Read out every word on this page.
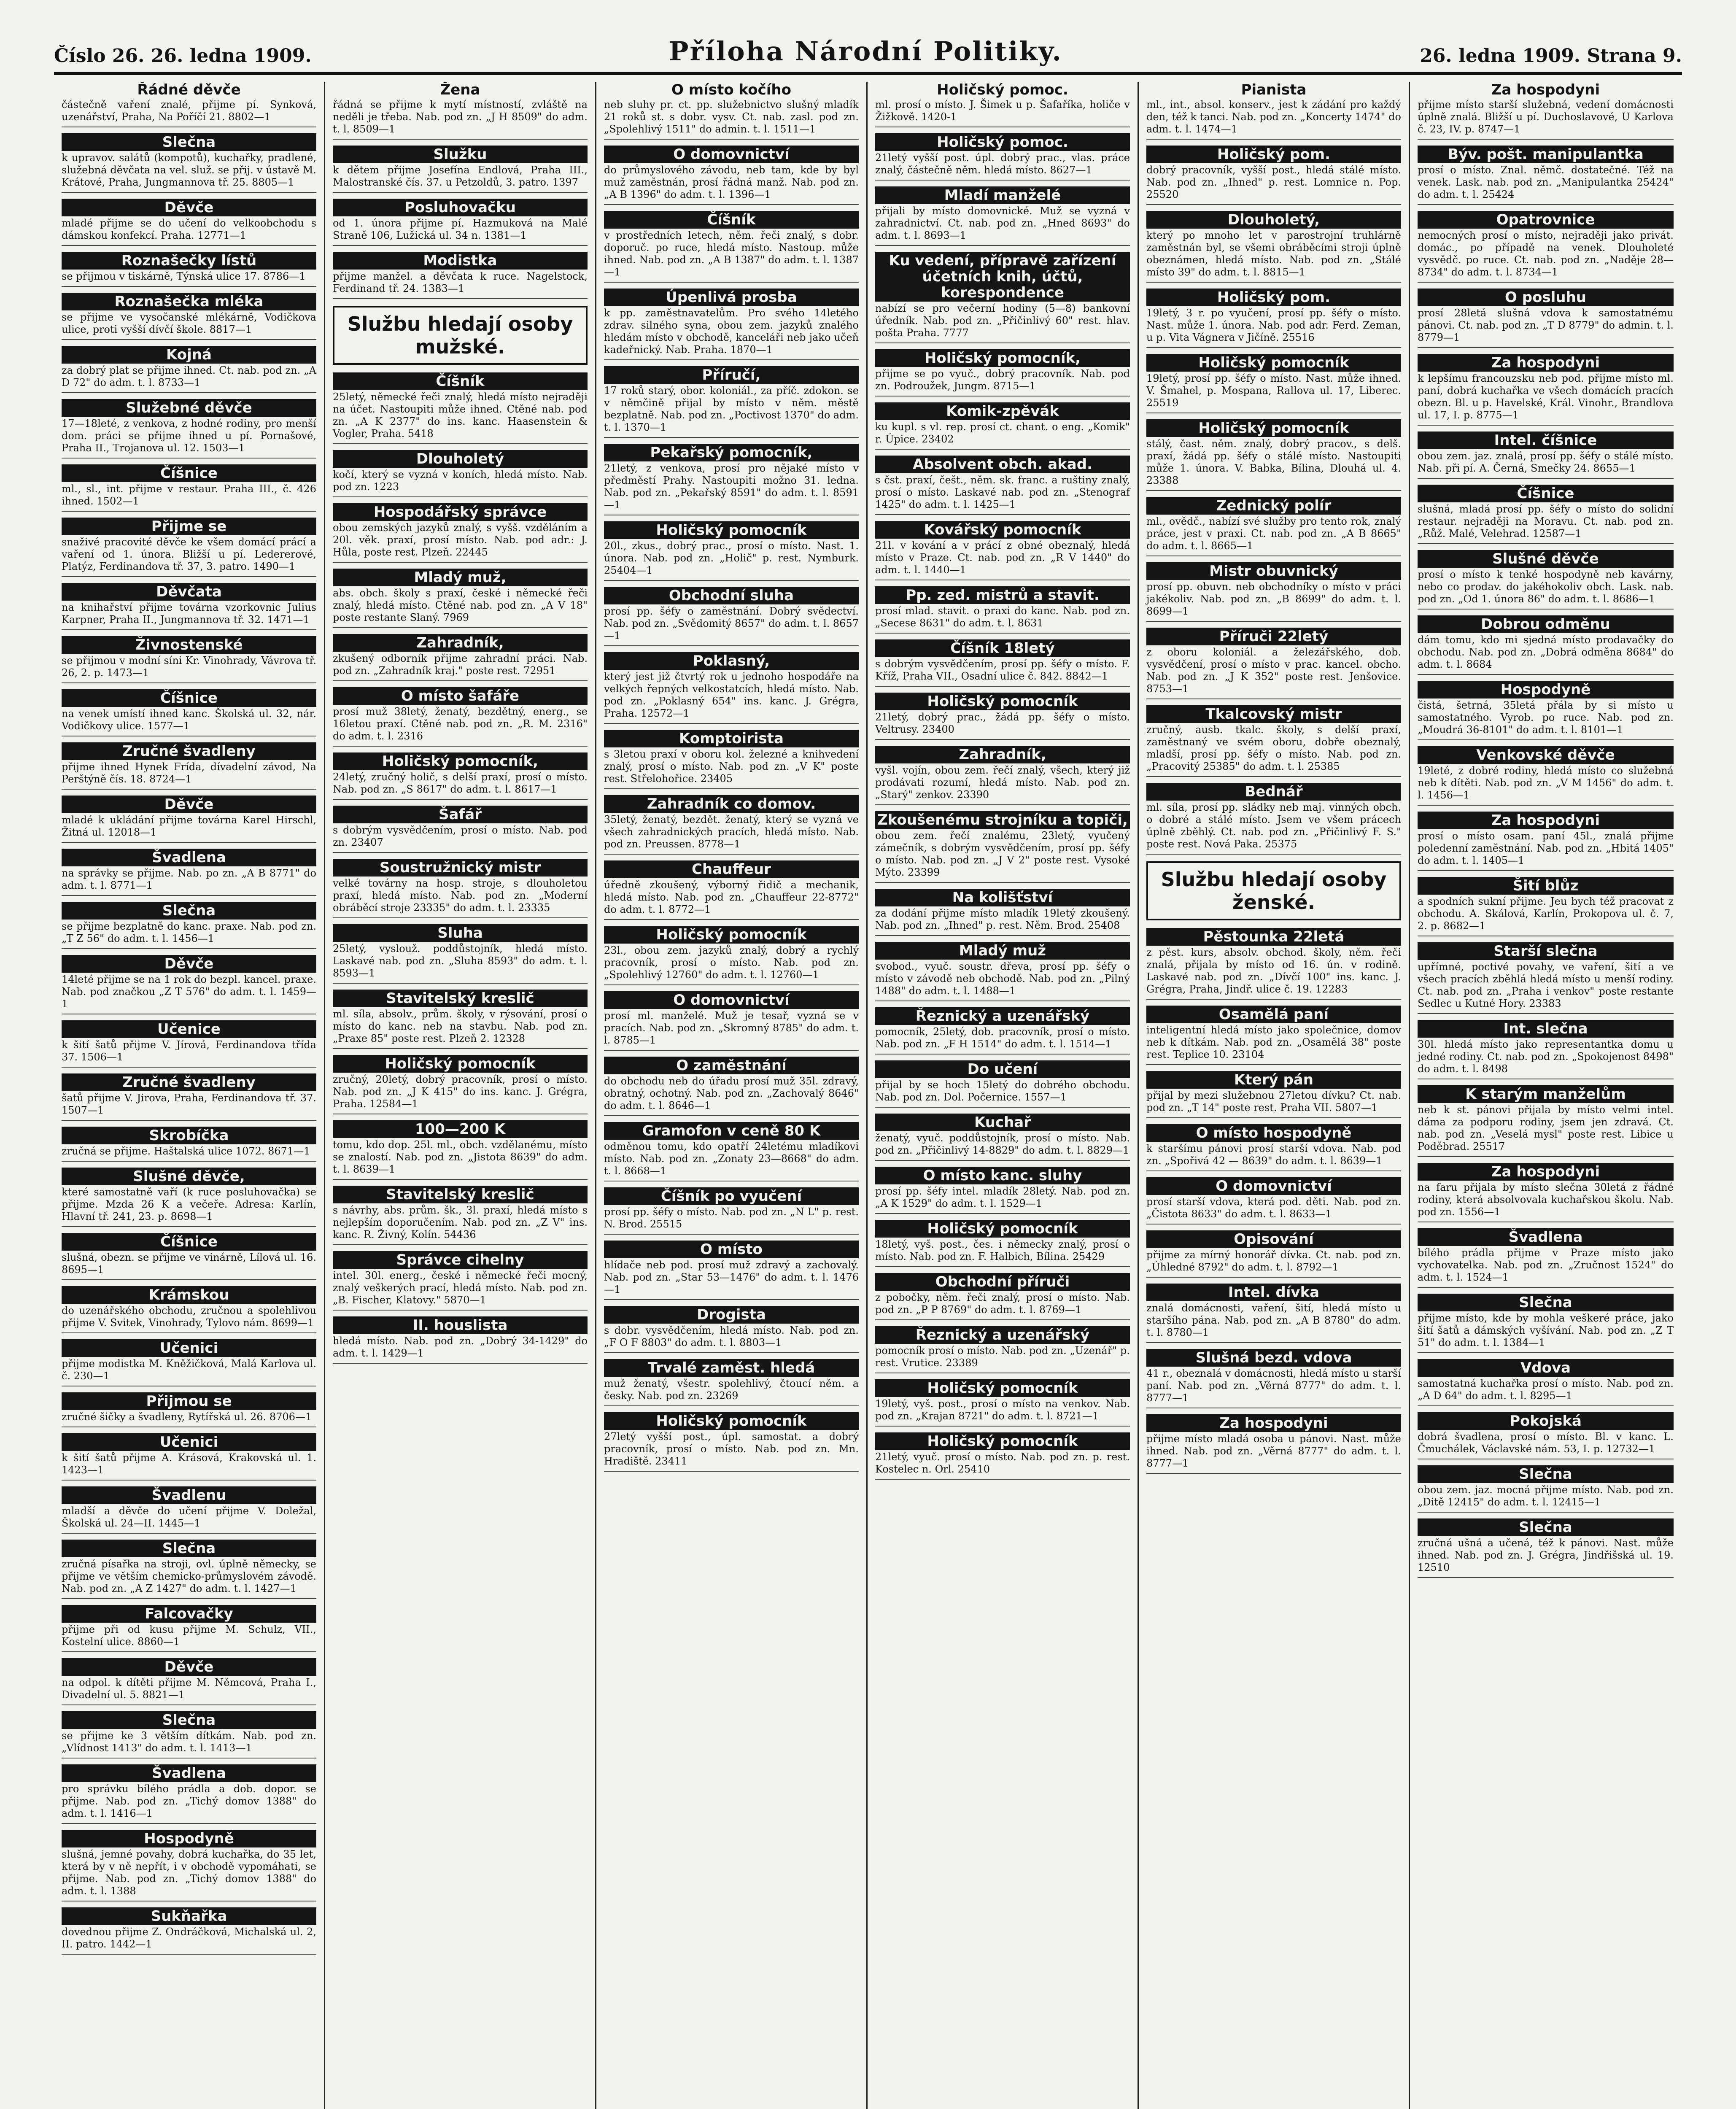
Číslo 26. 26. ledna 1909.	Příloha Národní Politiky.	26. ledna 1909. Strana 9.
Řádné děvče
částečně vaření znalé, přijme pí. Synková, uzenářství, Praha, Na Poříčí 21. 8802—1
Slečna
k upravov. salátů (kompotů), kuchařky, pradlené, služebná děvčata na vel. služ. se přij. v ústavě M. Krátové, Praha, Jungmannova tř. 25. 8805—1
Děvče
mladé přijme se do učení do velkoobchodu s dámskou konfekcí. Praha. 12771—1
Roznašečky lístů
se přijmou v tiskárně, Týnská ulice 17. 8786—1
Roznašečka mléka
se přijme ve vysočanské mlékárně, Vodičkova ulice, proti vyšší dívčí škole. 8817—1
Kojná
za dobrý plat se přijme ihned. Ct. nab. pod zn. „A D 72" do adm. t. l. 8733—1
Služebné děvče
17—18leté, z venkova, z hodné rodiny, pro menší dom. práci se přijme ihned u pí. Pornašové, Praha II., Trojanova ul. 12. 1503—1
Číšnice
ml., sl., int. přijme v restaur. Praha III., č. 426 ihned. 1502—1
Přijme se
snaživé pracovité děvče ke všem domácí prácí a vaření od 1. února. Bližší u pí. Ledererové, Platýz, Ferdinandova tř. 37, 3. patro. 1490—1
Děvčata
na knihařství přijme továrna vzorkovnic Julius Karpner, Praha II., Jungmannova tř. 32. 1471—1
Živnostenské
se přijmou v modní síni Kr. Vinohrady, Vávrova tř. 26, 2. p. 1473—1
Číšnice
na venek umístí ihned kanc. Školská ul. 32, nár. Vodičkovy ulice. 1577—1
Zručné švadleny
přijme ihned Hynek Frída, dívadelní závod, Na Perštýně čís. 18. 8724—1
Děvče
mladé k ukládání přijme továrna Karel Hirschl, Žitná ul. 12018—1
Švadlena
na správky se přijme. Nab. po zn. „A B 8771" do adm. t. l. 8771—1
Slečna
se přijme bezplatně do kanc. praxe. Nab. pod zn. „T Z 56" do adm. t. l. 1456—1
Děvče
14leté přijme se na 1 rok do bezpl. kancel. praxe. Nab. pod značkou „Z T 576" do adm. t. l. 1459—1
Učenice
k šití šatů přijme V. Jírová, Ferdinandova třída 37. 1506—1
Zručné švadleny
šatů přijme V. Jirova, Praha, Ferdinandova tř. 37. 1507—1
Skrobíčka
zručná se přijme. Haštalská ulice 1072. 8671—1
Slušné děvče,
které samostatně vaří (k ruce posluhovačka) se přijme. Mzda 26 K a večeře. Adresa: Karlín, Hlavní tř. 241, 23. p. 8698—1
Číšnice
slušná, obezn. se přijme ve vinárně, Lílová ul. 16. 8695—1
Krámskou
do uzenářského obchodu, zručnou a spolehlivou přijme V. Svitek, Vinohrady, Tylovo nám. 8699—1
Učenici
přijme modistka M. Kněžičková, Malá Karlova ul. č. 230—1
Přijmou se
zručné šičky a švadleny, Rytířská ul. 26. 8706—1
Učenici
k šití šatů přijme A. Krásová, Krakovská ul. 1. 1423—1
Švadlenu
mladší a děvče do učení přijme V. Doležal, Školská ul. 24—II. 1445—1
Slečna
zručná písařka na stroji, ovl. úplně německy, se přijme ve větším chemicko-průmyslovém závodě. Nab. pod zn. „A Z 1427" do adm. t. l. 1427—1
Falcovačky
přijme při od kusu přijme M. Schulz, VII., Kostelní ulice. 8860—1
Děvče
na odpol. k dítěti přijme M. Němcová, Praha I., Divadelní ul. 5. 8821—1
Slečna
se přijme ke 3 větším dítkám. Nab. pod zn. „Vlídnost 1413" do adm. t. l. 1413—1
Švadlena
pro správku bílého prádla a dob. dopor. se přijme. Nab. pod zn. „Tichý domov 1388" do adm. t. l. 1416—1
Hospodyně
slušná, jemné povahy, dobrá kuchařka, do 35 let, která by v ně nepřít, i v obchodě vypomáhati, se přijme. Nab. pod zn. „Tichý domov 1388" do adm. t. l. 1388
Sukňařka
dovednou přijme Z. Ondráčková, Michalská ul. 2, II. patro. 1442—1
Žena
řádná se přijme k mytí místností, zvláště na neděli je třeba. Nab. pod zn. „J H 8509" do adm. t. l. 8509—1
Služku
k dětem přijme Josefína Endlová, Praha III., Malostranské čís. 37. u Petzoldů, 3. patro. 1397
Posluhovačku
od 1. února přijme pí. Hazmuková na Malé Straně 106, Lužická ul. 34 n. 1381—1
Modistka
přijme manžel. a děvčata k ruce. Nagelstock, Ferdinand tř. 24. 1383—1
Službu hledají osoby mužské.
Číšník
25letý, německé řeči znalý, hledá místo nejraději na účet. Nastoupiti může ihned. Ctěné nab. pod zn. „A K 2377" do ins. kanc. Haasenstein & Vogler, Praha. 5418
Dlouholetý
kočí, který se vyzná v koních, hledá místo. Nab. pod zn. 1223
Hospodářský správce
obou zemských jazyků znalý, s vyšš. vzděláním a 20l. věk. praxí, prosí místo. Nab. pod adr.: J. Hůla, poste rest. Plzeň. 22445
Mladý muž,
abs. obch. školy s praxí, české i německé řeči znalý, hledá místo. Ctěné nab. pod zn. „A V 18" poste restante Slaný. 7969
Zahradník,
zkušený odborník přijme zahradní práci. Nab. pod zn. „Zahradník kraj." poste rest. 72951
O místo šafáře
prosí muž 38letý, ženatý, bezdětný, energ., se 16letou praxí. Ctěné nab. pod zn. „R. M. 2316" do adm. t. l. 2316
Holičský pomocník,
24letý, zručný holič, s delší praxí, prosí o místo. Nab. pod zn. „S 8617" do adm. t. l. 8617—1
Šafář
s dobrým vysvědčením, prosí o místo. Nab. pod zn. 23407
Soustružnický mistr
velké továrny na hosp. stroje, s dlouholetou praxí, hledá místo. Nab. pod zn. „Moderní obráběcí stroje 23335" do adm. t. l. 23335
Sluha
25letý, vyslouž. poddůstojník, hledá místo. Laskavé nab. pod zn. „Sluha 8593" do adm. t. l. 8593—1
Stavitelský kreslič
ml. síla, absolv., prům. školy, v rýsování, prosí o místo do kanc. neb na stavbu. Nab. pod zn. „Praxe 85" poste rest. Plzeň 2. 12328
Holičský pomocník
zručný, 20letý, dobrý pracovník, prosí o místo. Nab. pod zn. „J K 415" do ins. kanc. J. Grégra, Praha. 12584—1
100—200 K
tomu, kdo dop. 25l. ml., obch. vzdělanému, místo se znalostí. Nab. pod zn. „Jistota 8639" do adm. t. l. 8639—1
Stavitelský kreslič
s návrhy, abs. prům. šk., 3l. praxí, hledá místo s nejlepším doporučením. Nab. pod zn. „Z V" ins. kanc. R. Živný, Kolín. 54436
Správce cihelny
intel. 30l. energ., české i německé řeči mocný, znalý veškerých prací, hledá místo. Nab. pod zn. „B. Fischer, Klatovy." 5870—1
II. houslista
hledá místo. Nab. pod zn. „Dobrý 34-1429" do adm. t. l. 1429—1
O místo kočího
neb sluhy pr. ct. pp. služebnictvo slušný mladík 21 roků st. s dobr. vysv. Ct. nab. zasl. pod zn. „Spolehlivý 1511" do admin. t. l. 1511—1
O domovnictví
do průmyslového závodu, neb tam, kde by byl muž zaměstnán, prosí řádná manž. Nab. pod zn. „A B 1396" do adm. t. l. 1396—1
Číšník
v prostředních letech, něm. řeči znalý, s dobr. doporuč. po ruce, hledá místo. Nastoup. může ihned. Nab. pod zn. „A B 1387" do adm. t. l. 1387—1
Úpenlivá prosba
k pp. zaměstnavatelům. Pro svého 14letého zdrav. silného syna, obou zem. jazyků znalého hledám místo v obchodě, kanceláři neb jako učeň kadeřnický. Nab. Praha. 1870—1
Příručí,
17 roků starý, obor. koloniál., za příč. zdokon. se v němčině přijal by místo v něm. městě bezplatně. Nab. pod zn. „Poctivost 1370" do adm. t. l. 1370—1
Pekařský pomocník,
21letý, z venkova, prosí pro nějaké místo v předměstí Prahy. Nastoupiti možno 31. ledna. Nab. pod zn. „Pekařský 8591" do adm. t. l. 8591—1
Holičský pomocník
20l., zkus., dobrý prac., prosí o místo. Nast. 1. února. Nab. pod zn. „Holič" p. rest. Nymburk. 25404—1
Obchodní sluha
prosí pp. šéfy o zaměstnání. Dobrý svědectví. Nab. pod zn. „Svědomitý 8657" do adm. t. l. 8657—1
Poklasný,
který jest již čtvrtý rok u jednoho hospodáře na velkých řepných velkostatcích, hledá místo. Nab. pod zn. „Poklasný 654" ins. kanc. J. Grégra, Praha. 12572—1
Komptoirista
s 3letou praxí v oboru kol. železné a knihvedení znalý, prosí o místo. Nab. pod zn. „V K" poste rest. Střelohořice. 23405
Zahradník co domov.
35letý, ženatý, bezdět. ženatý, který se vyzná ve všech zahradnických pracích, hledá místo. Nab. pod zn. Preussen. 8778—1
Chauffeur
úředně zkoušený, výborný řidič a mechanik, hledá místo. Nab. pod zn. „Chauffeur 22-8772" do adm. t. l. 8772—1
Holičský pomocník
23l., obou zem. jazyků znalý, dobrý a rychlý pracovník, prosí o místo. Nab. pod zn. „Spolehlivý 12760" do adm. t. l. 12760—1
O domovnictví
prosí ml. manželé. Muž je tesař, vyzná se v pracích. Nab. pod zn. „Skromný 8785" do adm. t. l. 8785—1
O zaměstnání
do obchodu neb do úřadu prosí muž 35l. zdravý, obratný, ochotný. Nab. pod zn. „Zachovalý 8646" do adm. t. l. 8646—1
Gramofon v ceně 80 K
odměnou tomu, kdo opatří 24letému mladíkovi místo. Nab. pod zn. „Zonaty 23—8668" do adm. t. l. 8668—1
Číšník po vyučení
prosí pp. šéfy o místo. Nab. pod zn. „N L" p. rest. N. Brod. 25515
O místo
hlídače neb pod. prosí muž zdravý a zachovalý. Nab. pod zn. „Star 53—1476" do adm. t. l. 1476—1
Drogista
s dobr. vysvědčením, hledá místo. Nab. pod zn. „F O F 8803" do adm. t. l. 8803—1
Trvalé zaměst. hledá
muž ženatý, všestr. spolehlivý, čtoucí něm. a česky. Nab. pod zn. 23269
Holičský pomocník
27letý vyšší post., úpl. samostat. a dobrý pracovník, prosí o místo. Nab. pod zn. Mn. Hradiště. 23411
Holičský pomoc.
ml. prosí o místo. J. Šimek u p. Šafaříka, holiče v Žižkově. 1420-1
Holičský pomoc.
21letý vyšší post. úpl. dobrý prac., vlas. práce znalý, částečně něm. hledá místo. 8627—1
Mladí manželé
přijali by místo domovnické. Muž se vyzná v zahradnictví. Ct. nab. pod zn. „Hned 8693" do adm. t. l. 8693—1
Ku vedení, přípravě zařízení účetních knih, účtů, korespondence
nabízí se pro večerní hodiny (5—8) bankovní úředník. Nab. pod zn. „Přičinlivý 60" rest. hlav. pošta Praha. 7777
Holičský pomocník,
přijme se po vyuč., dobrý pracovník. Nab. pod zn. Podroužek, Jungm. 8715—1
Komik-zpěvák
ku kupl. s vl. rep. prosí ct. chant. o eng. „Komik" r. Úpice. 23402
Absolvent obch. akad.
s čst. praxí, češt., něm. sk. franc. a ruštiny znalý, prosí o místo. Laskavé nab. pod zn. „Stenograf 1425" do adm. t. l. 1425—1
Kovářský pomocník
21l. v kování a v prácí z obné obeznalý, hledá místo v Praze. Ct. nab. pod zn. „R V 1440" do adm. t. l. 1440—1
Pp. zed. mistrů a stavit.
prosí mlad. stavit. o praxi do kanc. Nab. pod zn. „Secese 8631" do adm. t. l. 8631
Číšník 18letý
s dobrým vysvědčením, prosí pp. šéfy o místo. F. Kříž, Praha VII., Osadní ulice č. 842. 8842—1
Holičský pomocník
21letý, dobrý prac., žádá pp. šéfy o místo. Veltrusy. 23400
Zahradník,
vyšl. vojín, obou zem. řečí znalý, všech, který již prodávati rozumí, hledá místo. Nab. pod zn. „Starý" zenkov. 23390
Zkoušenému strojníku a topiči,
obou zem. řečí znalému, 23letý, vyučený zámečník, s dobrým vysvědčením, prosí pp. šéfy o místo. Nab. pod zn. „J V 2" poste rest. Vysoké Mýto. 23399
Na kolišťství
za dodání přijme místo mladík 19letý zkoušený. Nab. pod zn. „Ihned" p. rest. Něm. Brod. 25408
Mladý muž
svobod., vyuč. soustr. dřeva, prosí pp. šéfy o místo v závodě neb obchodě. Nab. pod zn. „Pilný 1488" do adm. t. l. 1488—1
Řeznický a uzenářský
pomocník, 25letý, dob. pracovník, prosí o místo. Nab. pod zn. „F H 1514" do adm. t. l. 1514—1
Do učení
přijal by se hoch 15letý do dobrého obchodu. Nab. pod zn. Dol. Počernice. 1557—1
Kuchař
ženatý, vyuč. poddůstojník, prosí o místo. Nab. pod zn. „Přičinlivý 14-8829" do adm. t. l. 8829—1
O místo kanc. sluhy
prosí pp. šéfy intel. mladík 28letý. Nab. pod zn. „A K 1529" do adm. t. l. 1529—1
Holičský pomocník
18letý, vyš. post., čes. i německy znalý, prosí o místo. Nab. pod zn. F. Halbich, Bílina. 25429
Obchodní příruči
z pobočky, něm. řeči znalý, prosí o místo. Nab. pod zn. „P P 8769" do adm. t. l. 8769—1
Řeznický a uzenářský
pomocník prosí o místo. Nab. pod zn. „Uzenář" p. rest. Vrutice. 23389
Holičský pomocník
19letý, vyš. post., prosí o místo na venkov. Nab. pod zn. „Krajan 8721" do adm. t. l. 8721—1
Holičský pomocník
21letý, vyuč. prosí o místo. Nab. pod zn. p. rest. Kostelec n. Orl. 25410
Pianista
ml., int., absol. konserv., jest k zádání pro každý den, též k tanci. Nab. pod zn. „Koncerty 1474" do adm. t. l. 1474—1
Holičský pom.
dobrý pracovník, vyšší post., hledá stálé místo. Nab. pod zn. „Ihned" p. rest. Lomnice n. Pop. 25520
Dlouholetý,
který po mnoho let v parostrojní truhlárně zaměstnán byl, se všemi obráběcími stroji úplně obeznámen, hledá místo. Nab. pod zn. „Stálé místo 39" do adm. t. l. 8815—1
Holičský pom.
19letý, 3 r. po vyučení, prosí pp. šéfy o místo. Nast. může 1. února. Nab. pod adr. Ferd. Zeman, u p. Vita Vágnera v Jičíně. 25516
Holičský pomocník
19letý, prosí pp. šéfy o místo. Nast. může ihned. V. Šmahel, p. Mospana, Rallova ul. 17, Liberec. 25519
Holičský pomocník
stálý, čast. něm. znalý, dobrý pracov., s delš. praxí, žádá pp. šéfy o stálé místo. Nastoupiti může 1. února. V. Babka, Bílina, Dlouhá ul. 4. 23388
Zednický polír
ml., ovědč., nabízí své služby pro tento rok, znalý práce, jest v praxi. Ct. nab. pod zn. „A B 8665" do adm. t. l. 8665—1
Mistr obuvnický
prosí pp. obuvn. neb obchodníky o místo v práci jakékoliv. Nab. pod zn. „B 8699" do adm. t. l. 8699—1
Příruči 22letý
z oboru koloniál. a železářského, dob. vysvědčení, prosí o místo v prac. kancel. obcho. Nab. pod zn. „J K 352" poste rest. Jenšovice. 8753—1
Tkalcovský mistr
zručný, ausb. tkalc. školy, s delší praxí, zaměstnaný ve svém oboru, dobře obeznalý, mladší, prosí pp. šéfy o místo. Nab. pod zn. „Pracovitý 25385" do adm. t. l. 25385
Bednář
ml. síla, prosí pp. sládky neb maj. vinných obch. o dobré a stálé místo. Jsem ve všem prácech úplně zběhlý. Ct. nab. pod zn. „Přičinlivý F. S." poste rest. Nová Paka. 25375
Službu hledají osoby ženské.
Pěstounka 22letá
z pěst. kurs, absolv. obchod. školy, něm. řeči znalá, přijala by místo od 16. ún. v rodině. Laskavé nab. pod zn. „Dívčí 100" ins. kanc. J. Grégra, Praha, Jindř. ulice č. 19. 12283
Osamělá paní
inteligentní hledá místo jako společnice, domov neb k dítkám. Nab. pod zn. „Osamělá 38" poste rest. Teplice 10. 23104
Který pán
přijal by mezi služebnou 27letou dívku? Ct. nab. pod zn. „T 14" poste rest. Praha VII. 5807—1
O místo hospodyně
k staršímu pánovi prosí starší vdova. Nab. pod zn. „Spořivá 42 — 8639" do adm. t. l. 8639—1
O domovnictví
prosí starší vdova, která pod. děti. Nab. pod zn. „Čistota 8633" do adm. t. l. 8633—1
Opisování
přijme za mírný honorář dívka. Ct. nab. pod zn. „Úhledné 8792" do adm. t. l. 8792—1
Intel. dívka
znalá domácnosti, vaření, šití, hledá místo u staršího pána. Nab. pod zn. „A B 8780" do adm. t. l. 8780—1
Slušná bezd. vdova
41 r., obeznalá v domácnosti, hledá místo u starší paní. Nab. pod zn. „Věrná 8777" do adm. t. l. 8777—1
Za hospodyni
přijme místo mladá osoba u pánovi. Nast. může ihned. Nab. pod zn. „Věrná 8777" do adm. t. l. 8777—1
Za hospodyni
přijme místo starší služebná, vedení domácnosti úplně znalá. Bližší u pí. Duchoslavové, U Karlova č. 23, IV. p. 8747—1
Býv. pošt. manipulantka
prosí o místo. Znal. němč. dostatečné. Též na venek. Lask. nab. pod zn. „Manipulantka 25424" do adm. t. l. 25424
Opatrovnice
nemocných prosí o místo, nejraději jako privát. domác., po případě na venek. Dlouholeté vysvědč. po ruce. Ct. nab. pod zn. „Naděje 28—8734" do adm. t. l. 8734—1
O posluhu
prosí 28letá slušná vdova k samostatnému pánovi. Ct. nab. pod zn. „T D 8779" do admin. t. l. 8779—1
Za hospodyni
k lepšímu francouzsku neb pod. přijme místo ml. paní, dobrá kuchařka ve všech domácích pracích obezn. Bl. u p. Havelské, Král. Vinohr., Brandlova ul. 17, I. p. 8775—1
Intel. číšnice
obou zem. jaz. znalá, prosí pp. šéfy o stálé místo. Nab. při pí. A. Černá, Smečky 24. 8655—1
Číšnice
slušná, mladá prosí pp. šéfy o místo do solidní restaur. nejraději na Moravu. Ct. nab. pod zn. „Růž. Malé, Velehrad. 12587—1
Slušné děvče
prosí o místo k tenké hospodyně neb kavárny, nebo co prodav. do jakéhokoliv obch. Lask. nab. pod zn. „Od 1. února 86" do adm. t. l. 8686—1
Dobrou odměnu
dám tomu, kdo mi sjedná místo prodavačky do obchodu. Nab. pod zn. „Dobrá odměna 8684" do adm. t. l. 8684
Hospodyně
čistá, šetrná, 35letá přála by si místo u samostatného. Vyrob. po ruce. Nab. pod zn. „Moudrá 36-8101" do adm. t. l. 8101—1
Venkovské děvče
19leté, z dobré rodiny, hledá místo co služebná neb k dítěti. Nab. pod zn. „V M 1456" do adm. t. l. 1456—1
Za hospodyni
prosí o místo osam. paní 45l., znalá přijme poledenní zaměstnání. Nab. pod zn. „Hbitá 1405" do adm. t. l. 1405—1
Šití blůz
a spodních sukní přijme. Jeu bych též pracovat z obchodu. A. Skálová, Karlín, Prokopova ul. č. 7, 2. p. 8682—1
Starší slečna
upřímné, poctivé povahy, ve vaření, šití a ve všech pracích zběhlá hledá místo u menší rodiny. Ct. nab. pod zn. „Praha i venkov" poste restante Sedlec u Kutné Hory. 23383
Int. slečna
30l. hledá místo jako representantka domu u jedné rodiny. Ct. nab. pod zn. „Spokojenost 8498" do adm. t. l. 8498
K starým manželům
neb k st. pánovi přijala by místo velmi intel. dáma za podporu rodiny, jsem jen zdravá. Ct. nab. pod zn. „Veselá mysl" poste rest. Libice u Poděbrad. 25517
Za hospodyni
na faru přijala by místo slečna 30letá z řádné rodiny, která absolvovala kuchařskou školu. Nab. pod zn. 1556—1
Švadlena
bílého prádla přijme v Praze místo jako vychovatelka. Nab. pod zn. „Zručnost 1524" do adm. t. l. 1524—1
Slečna
přijme místo, kde by mohla veškeré práce, jako šití šatů a dámských vyšívání. Nab. pod zn. „Z T 51" do adm. t. l. 1384—1
Vdova
samostatná kuchařka prosí o místo. Nab. pod zn. „A D 64" do adm. t. l. 8295—1
Pokojská
dobrá švadlena, prosí o místo. Bl. v kanc. L. Čmuchálek, Václavské nám. 53, I. p. 12732—1
Slečna
obou zem. jaz. mocná přijme místo. Nab. pod zn. „Ditě 12415" do adm. t. l. 12415—1
Slečna
zručná ušná a učená, též k pánovi. Nast. může ihned. Nab. pod zn. J. Grégra, Jindřišská ul. 19. 12510
